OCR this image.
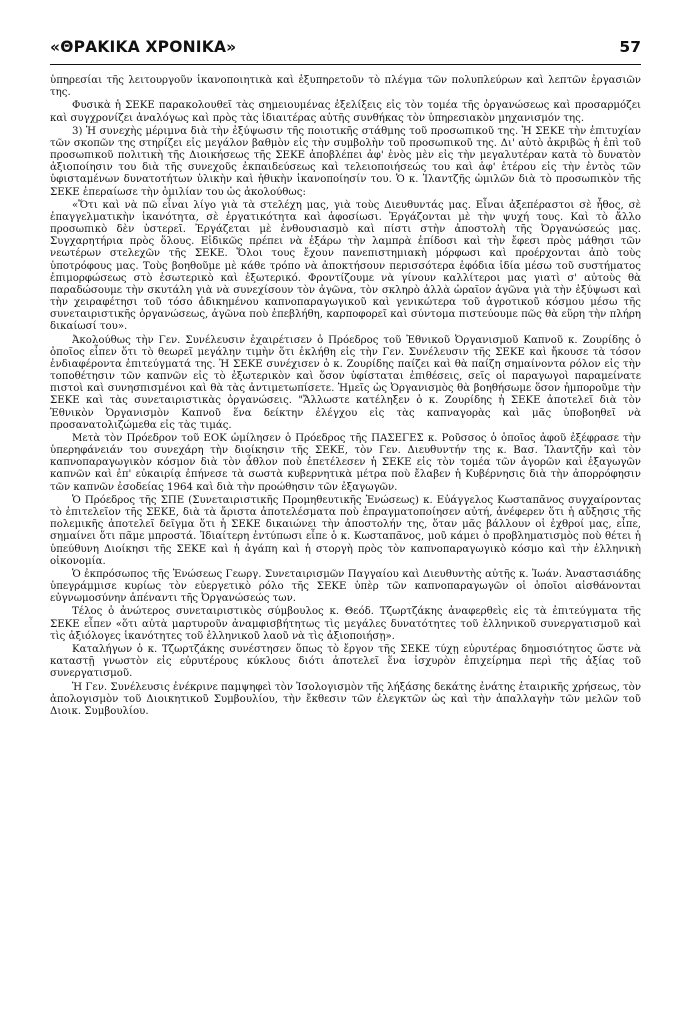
«ΘΡΑΚΙΚΑ ΧΡΟΝΙΚΑ»	57

ὑπηρεσίαι τῆς λειτουργοῦν ἱκανοποιητικὰ καὶ ἐξυπηρετοῦν τὸ πλέγμα τῶν πολυπλεύρων καὶ λεπτῶν ἐργασιῶν της.

Φυσικὰ ἡ ΣΕΚΕ παρακολουθεῖ τὰς σημειουμένας ἐξελίξεις εἰς τὸν τομέα τῆς ὀργανώσεως καὶ προσαρμόζει καὶ συγχρονίζει ἀναλόγως καὶ πρὸς τὰς ἰδιαιτέρας αὐτῆς συνθήκας τὸν ὑπηρεσιακὸν μηχανισμόν της.

3) Ἡ συνεχὴς μέριμνα διὰ τὴν ἐξύψωσιν τῆς ποιοτικῆς στάθμης τοῦ προσωπικοῦ της. Ἡ ΣΕΚΕ τὴν ἐπιτυχίαν τῶν σκοπῶν της στηρίζει εἰς μεγάλον βαθμὸν εἰς τὴν συμβολὴν τοῦ προσωπικοῦ της. Δι' αὐτὸ ἀκριβῶς ἡ ἐπὶ τοῦ προσωπικοῦ πολιτικὴ τῆς Διοικήσεως τῆς ΣΕΚΕ ἀποβλέπει ἀφ' ἑνὸς μὲν εἰς τὴν μεγαλυτέραν κατὰ τὸ δυνατὸν ἀξιοποίησιν του διὰ τῆς συνεχοῦς ἐκπαιδεύσεως καὶ τελειοποιήσεώς του καὶ ἀφ' ἑτέρου εἰς τὴν ἐντὸς τῶν ὑφισταμένων δυνατοτήτων ὑλικὴν καὶ ἠθικὴν ἱκανοποίησίν του. Ὁ κ. Ἰλαντζῆς ὡμιλῶν διὰ τὸ προσωπικὸν τῆς ΣΕΚΕ ἐπεραίωσε τὴν ὁμιλίαν του ὡς ἀκολούθως:

«Ὅτι καὶ νὰ πῶ εἶναι λίγο γιὰ τὰ στελέχη μας, γιὰ τοὺς Διευθυντάς μας. Εἶναι ἀξεπέραστοι σὲ ἦθος, σὲ ἐπαγγελματικὴν ἱκανότητα, σὲ ἐργατικότητα καὶ ἀφοσίωσι. Ἐργάζονται μὲ τὴν ψυχή τους. Καὶ τὸ ἄλλο προσωπικὸ δὲν ὑστερεῖ. Ἐργάζεται μὲ ἐνθουσιασμὸ καὶ πίστι στὴν ἀποστολὴ τῆς Ὀργανώσεώς μας. Συγχαρητήρια πρὸς ὅλους. Εἰδικῶς πρέπει νὰ ἐξάρω τὴν λαμπρὰ ἐπίδοσι καὶ τὴν ἔφεσι πρὸς μάθησι τῶν νεωτέρων στελεχῶν τῆς ΣΕΚΕ. Ὅλοι τους ἔχουν πανεπιστημιακὴ μόρφωσι καὶ προέρχονται ἀπὸ τοὺς ὑποτρόφους μας. Τοὺς βοηθοῦμε μὲ κάθε τρόπο νὰ ἀποκτήσουν περισσότερα ἐφόδια ἰδία μέσω τοῦ συστήματος ἐπιμορφώσεως στὸ ἐσωτερικὸ καὶ ἐξωτερικό. Φροντίζουμε νὰ γίνουν καλλίτεροι μας γιατὶ σ' αὐτοὺς θὰ παραδώσουμε τὴν σκυτάλη γιὰ νὰ συνεχίσουν τὸν ἀγῶνα, τὸν σκληρὸ ἀλλὰ ὡραῖον ἀγῶνα γιὰ τὴν ἐξύψωσι καὶ τὴν χειραφέτησι τοῦ τόσο ἀδικημένου καπνοπαραγωγικοῦ καὶ γενικώτερα τοῦ ἀγροτικοῦ κόσμου μέσω τῆς συνεταιριστικῆς ὀργανώσεως, ἀγῶνα ποὺ ἐπεβλήθη, καρποφορεῖ καὶ σύντομα πιστεύουμε πῶς θὰ εὕρη τὴν πλήρη δικαίωσί του».

Ἀκολούθως τὴν Γεν. Συνέλευσιν ἐχαιρέτισεν ὁ Πρόεδρος τοῦ Ἐθνικοῦ Ὀργανισμοῦ Καπνοῦ κ. Ζουρίδης ὁ ὁποῖος εἶπεν ὅτι τὸ θεωρεῖ μεγάλην τιμὴν ὅτι ἐκλήθη εἰς τὴν Γεν. Συνέλευσιν τῆς ΣΕΚΕ καὶ ἤκουσε τὰ τόσον ἐνδιαφέροντα ἐπιτεύγματά της. Ἡ ΣΕΚΕ συνέχισεν ὁ κ. Ζουρίδης παίζει καὶ θὰ παίζη σημαίνοντα ρόλον εἰς τὴν τοποθέτησιν τῶν καπνῶν εἰς τὸ ἐξωτερικὸν καὶ ὅσον ὑφίσταται ἐπιθέσεις, σεῖς οἱ παραγωγοὶ παραμείνατε πιστοὶ καὶ συνησπισμένοι καὶ θὰ τὰς ἀντιμετωπίσετε. Ἡμεῖς ὡς Ὀργανισμὸς θὰ βοηθήσωμε ὅσον ἠμποροῦμε τὴν ΣΕΚΕ καὶ τὰς συνεταιριστικὰς ὀργανώσεις. "Ἄλλωστε κατέληξεν ὁ κ. Ζουρίδης ἡ ΣΕΚΕ ἀποτελεῖ διὰ τὸν Ἐθνικὸν Ὀργανισμὸν Καπνοῦ ἕνα δείκτην ἐλέγχου εἰς τὰς καπναγορὰς καὶ μᾶς ὑποβοηθεῖ νὰ προσανατολιζώμεθα εἰς τὰς τιμάς.

Μετὰ τὸν Πρόεδρον τοῦ ΕΟΚ ὡμίλησεν ὁ Πρόεδρος τῆς ΠΑΣΕΓΕΣ κ. Ροῦσσος ὁ ὁποῖος ἀφοῦ ἐξέφρασε τὴν ὑπερηφάνειάν του συνεχάρη τὴν διοίκησιν τῆς ΣΕΚΕ, τὸν Γεν. Διευθυντήν της κ. Βασ. Ἰλαντζῆν καὶ τὸν καπνοπαραγωγικὸν κόσμον διὰ τὸν ἆθλον ποὺ ἐπετέλεσεν ἡ ΣΕΚΕ εἰς τὸν τομέα τῶν ἀγορῶν καὶ ἐξαγωγῶν καπνῶν καὶ ἐπ' εὐκαιρίᾳ ἐπήνεσε τὰ σωστὰ κυβερνητικὰ μέτρα ποὺ ἔλαβεν ἡ Κυβέρνησις διὰ τὴν ἀπορρόφησιν τῶν καπνῶν ἐσοδείας 1964 καὶ διὰ τὴν προώθησιν τῶν ἐξαγωγῶν.

Ὁ Πρόεδρος τῆς ΣΠΕ (Συνεταιριστικῆς Προμηθευτικῆς Ἑνώσεως) κ. Εὐάγγελος Κωσταπᾶνος συγχαίροντας τὸ ἐπιτελεῖον τῆς ΣΕΚΕ, διὰ τὰ ἄριστα ἀποτελέσματα ποὺ ἐπραγματοποίησεν αὐτή, ἀνέφερεν ὅτι ἡ αὔξησις τῆς πολεμικῆς ἀποτελεῖ δεῖγμα ὅτι ἡ ΣΕΚΕ δικαιώνει τὴν ἀποστολήν της, ὅταν μᾶς βάλλουν οἱ ἐχθροί μας, εἶπε, σημαίνει ὅτι πᾶμε μπροστά. Ἰδιαίτερη ἐντύπωσι εἶπε ὁ κ. Κωσταπᾶνος, μοῦ κάμει ὁ προβληματισμὸς ποὺ θέτει ἡ ὑπεύθυνη Διοίκησι τῆς ΣΕΚΕ καὶ ἡ ἀγάπη καὶ ἡ στοργὴ πρὸς τὸν καπνοπαραγωγικὸ κόσμο καὶ τὴν ἑλληνικὴ οἰκονομία.

Ὁ ἐκπρόσωπος τῆς Ἑνώσεως Γεωργ. Συνεταιρισμῶν Παγγαίου καὶ Διευθυντὴς αὐτῆς κ. Ἰωάν. Ἀναστασιάδης ὑπεγράμμισε κυρίως τὸν εὐεργετικὸ ρόλο τῆς ΣΕΚΕ ὑπὲρ τῶν καπνοπαραγωγῶν οἱ ὁποῖοι αἰσθάνονται εὐγνωμοσύνην ἀπέναντι τῆς Ὀργανώσεώς των.

Τέλος ὁ ἀνώτερος συνεταιριστικὸς σύμβουλος κ. Θεόδ. Τζωρτζάκης ἀναφερθεὶς εἰς τὰ ἐπιτεύγματα τῆς ΣΕΚΕ εἶπεν «ὅτι αὐτὰ μαρτυροῦν ἀναμφισβήτητως τὶς μεγάλες δυνατότητες τοῦ ἑλληνικοῦ συνεργατισμοῦ καὶ τὶς ἀξιόλογες ἱκανότητες τοῦ ἑλληνικοῦ λαοῦ νὰ τὶς ἀξιοποιήσῃ».

Καταλήγων ὁ κ. Τζωρτζάκης συνέστησεν ὅπως τὸ ἔργον τῆς ΣΕΚΕ τύχῃ εὐρυτέρας δημοσιότητος ὥστε νὰ καταστῇ γνωστὸν εἰς εὐρυτέρους κύκλους διότι ἀποτελεῖ ἕνα ἰσχυρὸν ἐπιχείρημα περὶ τῆς ἀξίας τοῦ συνεργατισμοῦ.

Ἡ Γεν. Συνέλευσις ἐνέκρινε παμψηφεὶ τὸν Ἰσολογισμὸν τῆς λήξάσης δεκάτης ἐνάτης ἑταιρικῆς χρήσεως, τὸν ἀπολογισμὸν τοῦ Διοικητικοῦ Συμβουλίου, τὴν ἔκθεσιν τῶν ἐλεγκτῶν ὡς καὶ τὴν ἀπαλλαγὴν τῶν μελῶν τοῦ Διοικ. Συμβουλίου.
